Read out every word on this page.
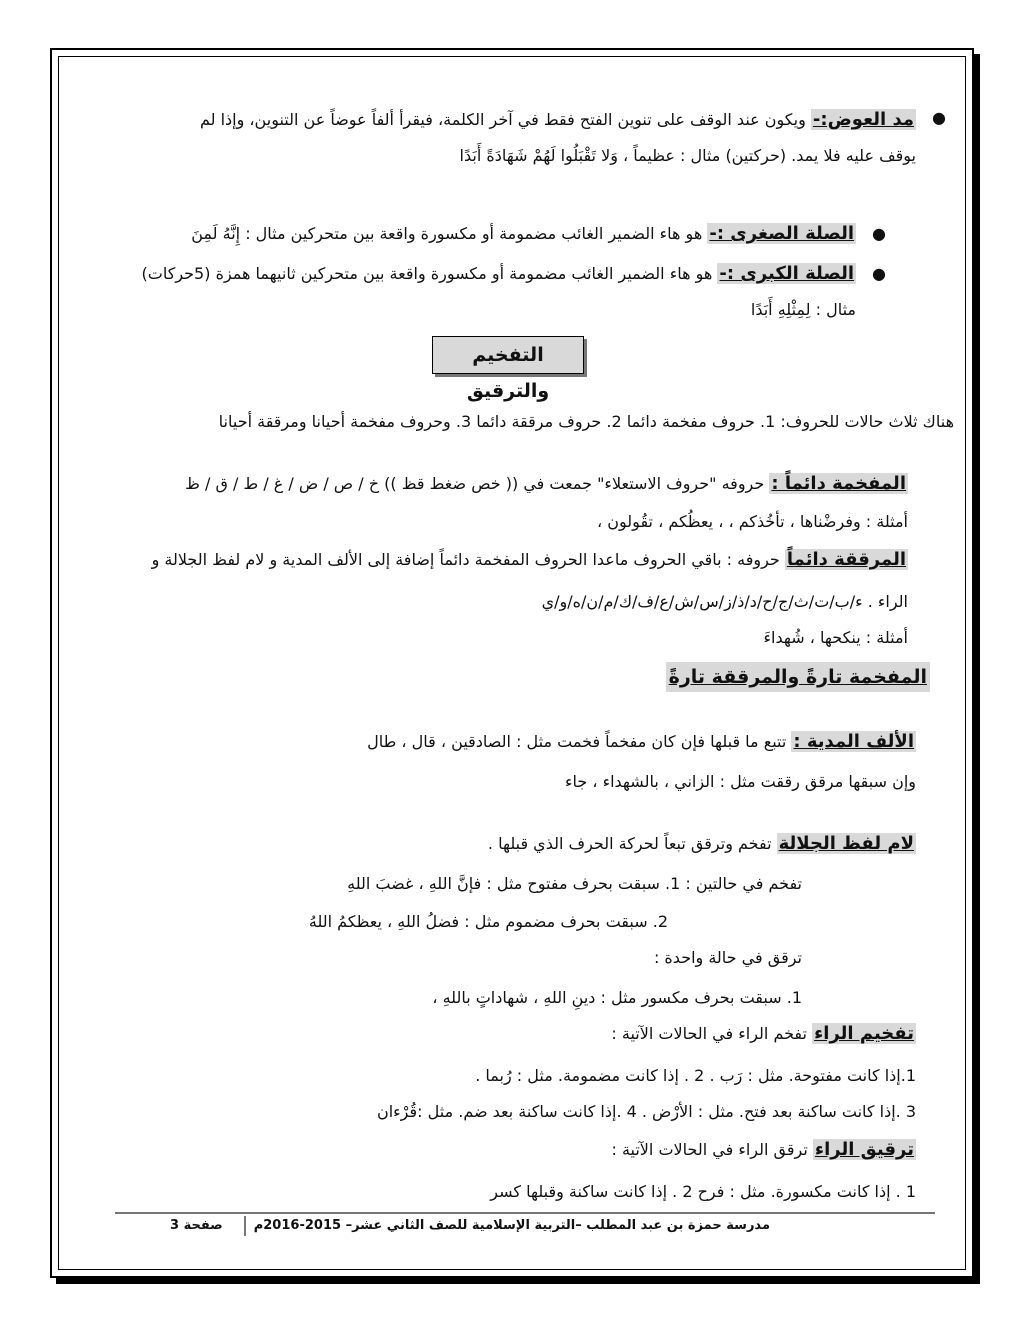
●
مد العوض:- ويكون عند الوقف على تنوين الفتح فقط في آخر الكلمة، فيقرأ ألفاً عوضاً عن التنوين، وإذا لم
يوقف عليه فلا يمد. (حركتين) مثال : عظيماً ، وَلا تَقْبَلُوا لَهُمْ شَهَادَةً أَبَدًا
●
الصلة الصغرى :- هو هاء الضمير الغائب مضمومة أو مكسورة واقعة بين متحركين مثال : إِنَّهُ لَمِنَ
●
الصلة الكبرى :- هو هاء الضمير الغائب مضمومة أو مكسورة واقعة بين متحركين ثانيهما همزة (5حركات)
مثال : لِمِثْلِهِ أَبَدًا
التفخيم والترقيق
هناك ثلاث حالات للحروف: 1. حروف مفخمة دائما 2. حروف مرققة دائما 3. وحروف مفخمة أحيانا ومرققة أحيانا
المفخمة دائماً : حروفه "حروف الاستعلاء" جمعت في (( خص ضغط قظ )) خ / ص / ض / غ / ط / ق / ظ
أمثلة : وفرضْناها ، تأخُذكم ، ، يعظُكم ، تقُولون ،
المرققة دائماً حروفه : باقي الحروف ماعدا الحروف المفخمة دائماً إضافة إلى الألف المدية و لام لفظ الجلالة و
الراء . ء/ب/ت/ث/ج/ح/د/ذ/ز/س/ش/ع/ف/ك/م/ن/ه/و/ي
أمثلة : ينكحها ، شُهداءَ
المفخمة تارةً والمرققة تارةً
الألف المدية : تتبع ما قبلها فإن كان مفخماً فخمت مثل : الصادقين ، قال ، طال
وإن سبقها مرقق رققت مثل : الزاني ، بالشهداء ، جاء
لام لفظ الجلالة تفخم وترقق تبعاً لحركة الحرف الذي قبلها .
تفخم في حالتين : 1. سبقت بحرف مفتوح مثل : فإنَّ اللهِ ، غضبَ اللهِ
2. سبقت بحرف مضموم مثل : فضلُ اللهِ ، يعظكمُ اللهُ
ترقق في حالة واحدة :
1. سبقت بحرف مكسور مثل : دينِ اللهِ ، شهاداتٍ باللهِ ،
تفخيم الراء تفخم الراء في الحالات الآتية :
1.إذا كانت مفتوحة. مثل : رَب . 2 . إذا كانت مضمومة. مثل : رُبما .
3 .إذا كانت ساكنة بعد فتح. مثل : الأرْض . 4 .إذا كانت ساكنة بعد ضم. مثل :قُرْءان
ترقيق الراء ترقق الراء في الحالات الآتية :
1 . إذا كانت مكسورة. مثل : فرح 2 . إذا كانت ساكنة وقبلها كسر
مدرسة حمزة بن عبد المطلب –التربية الإسلامية للصف الثاني عشر– 2015-2016م
صفحة 3
